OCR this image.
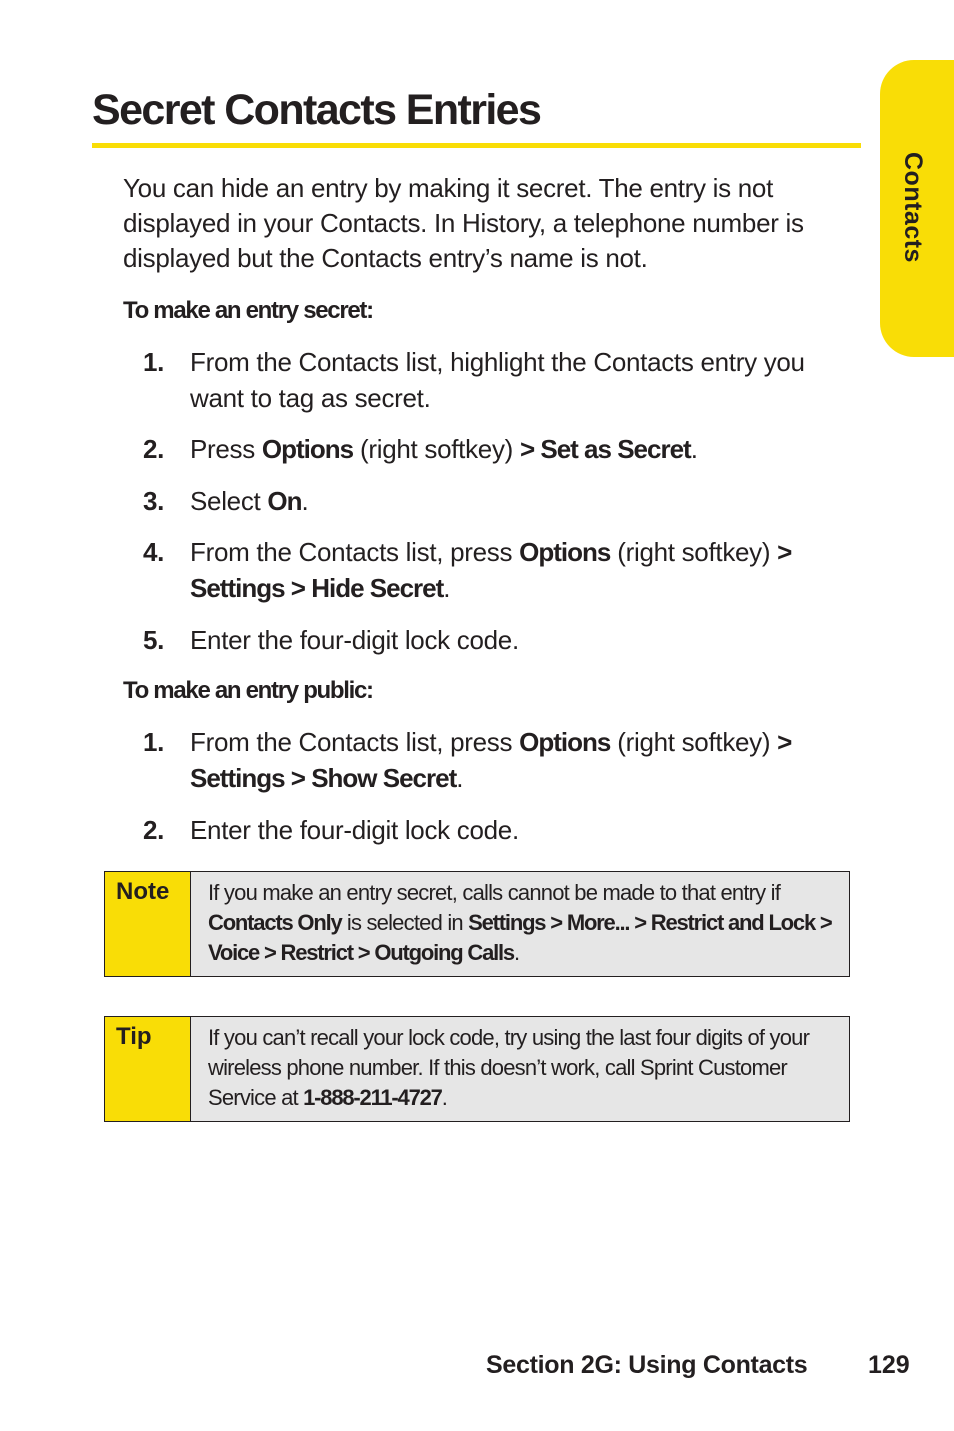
Contacts
Secret Contacts Entries

You can hide an entry by making it secret. The entry is not displayed in your Contacts. In History, a telephone number is displayed but the Contacts entry’s name is not.

To make an entry secret:
1. From the Contacts list, highlight the Contacts entry you want to tag as secret.
2. Press Options (right softkey) > Set as Secret.
3. Select On.
4. From the Contacts list, press Options (right softkey) > Settings > Hide Secret.
5. Enter the four-digit lock code.
To make an entry public:
1. From the Contacts list, press Options (right softkey) > Settings > Show Secret.
2. Enter the four-digit lock code.
Note If you make an entry secret, calls cannot be made to that entry if Contacts Only is selected in Settings > More... > Restrict and Lock > Voice > Restrict > Outgoing Calls.
Tip	If you can’t recall your lock code, try using the last four digits of your wireless phone number. If this doesn’t work, call Sprint Customer Service at 1-888-211-4727.
Section 2G: Using Contacts 129
